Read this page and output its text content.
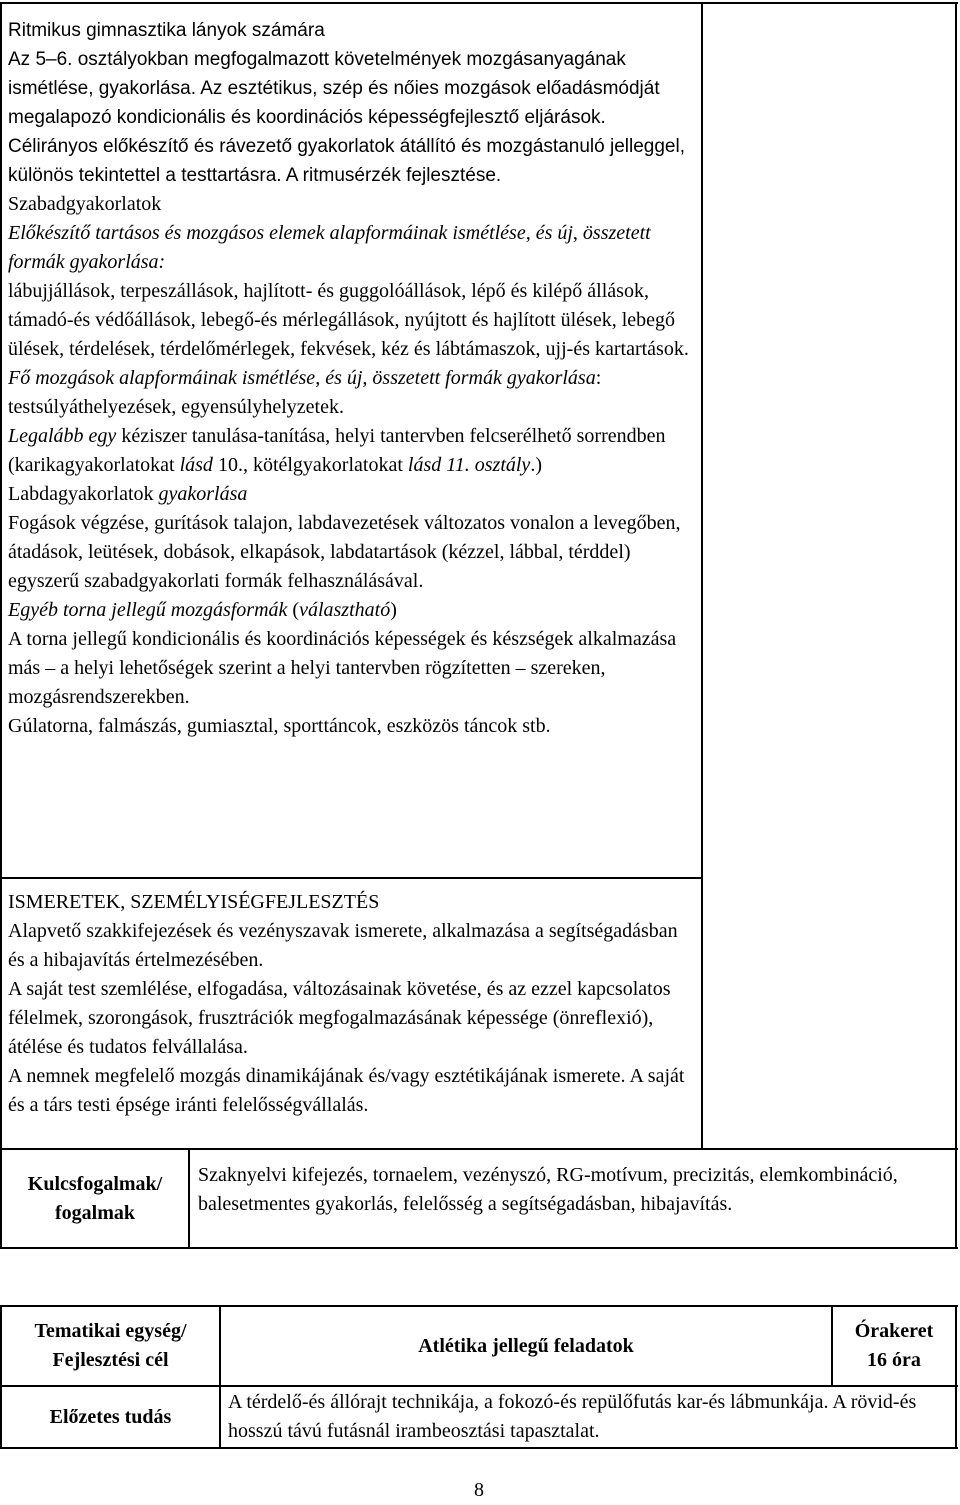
Ritmikus gimnasztika lányok számára

Az 5–6. osztályokban megfogalmazott követelmények mozgásanyagának ismétlése, gyakorlása. Az esztétikus, szép és nőies mozgások előadásmódját megalapozó kondicionális és koordinációs képességfejlesztő eljárások.

Célirányos előkészítő és rávezető gyakorlatok átállító és mozgástanuló jelleggel, különös tekintettel a testtartásra. A ritmusérzék fejlesztése.

Szabadgyakorlatok

Előkészítő tartásos és mozgásos elemek alapformáinak ismétlése, és új, összetett formák gyakorlása:

lábujjállások, terpeszállások, hajlított- és guggolóállások, lépő és kilépő állások, támadó-és védőállások, lebegő-és mérlegállások, nyújtott és hajlított ülések, lebegő ülések, térdelések, térdelőmérlegek, fekvések, kéz és lábtámaszok, ujj-és kartartások.

Fő mozgások alapformáinak ismétlése, és új, összetett formák gyakorlása: testsúlyáthelyezések, egyensúlyhelyzetek.

Legalább egy kéziszer tanulása-tanítása, helyi tantervben felcserélhető sorrendben (karikagyakorlatokat lásd 10., kötélgyakorlatokat lásd 11. osztály.)

Labdagyakorlatok gyakorlása

Fogások végzése, gurítások talajon, labdavezetések változatos vonalon a levegőben, átadások, leütések, dobások, elkapások, labdatartások (kézzel, lábbal, térddel) egyszerű szabadgyakorlati formák felhasználásával.

Egyéb torna jellegű mozgásformák (választható)

A torna jellegű kondicionális és koordinációs képességek és készségek alkalmazása más – a helyi lehetőségek szerint a helyi tantervben rögzítetten – szereken, mozgásrendszerekben.

Gúlatorna, falmászás, gumiasztal, sporttáncok, eszközös táncok stb.

ISMERETEK, SZEMÉLYISÉGFEJLESZTÉS

Alapvető szakkifejezések és vezényszavak ismerete, alkalmazása a segítségadásban és a hibajavítás értelmezésében.

A saját test szemlélése, elfogadása, változásainak követése, és az ezzel kapcsolatos félelmek, szorongások, frusztrációk megfogalmazásának képessége (önreflexió), átélése és tudatos felvállalása.

A nemnek megfelelő mozgás dinamikájának és/vagy esztétikájának ismerete. A saját és a társ testi épsége iránti felelősségvállalás.

Kulcsfogalmak/
fogalmak

Szaknyelvi kifejezés, tornaelem, vezényszó, RG-motívum, precizitás, elemkombináció, balesetmentes gyakorlás, felelősség a segítségadásban, hibajavítás.

Tematikai egység/
Fejlesztési cél
Atlétika jellegű feladatok
Órakeret
16 óra
Előzetes tudás

A térdelő-és állórajt technikája, a fokozó-és repülőfutás kar-és lábmunkája. A rövid-és hosszú távú futásnál irambeosztási tapasztalat.

8
